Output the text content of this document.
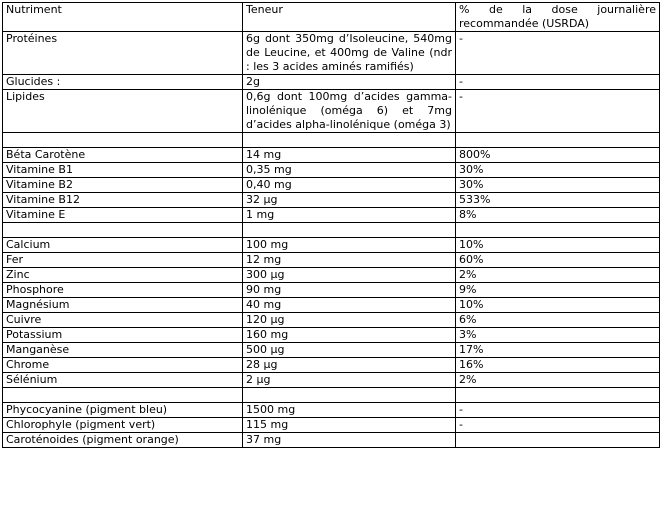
Nutriment	Teneur	% de la dose journalière recommandée (USRDA)
Protéines	6g dont 350mg d’Isoleucine, 540mg de Leucine, et 400mg de Valine (ndr : les 3 acides aminés ramifiés)	-
Glucides :	2g	-
Lipides	0,6g dont 100mg d’acides gamma-linolénique (oméga 6) et 7mg d’acides alpha-linolénique (oméga 3)	-

Béta Carotène	14 mg	800%
Vitamine B1	0,35 mg	30%
Vitamine B2	0,40 mg	30%
Vitamine B12	32 µg	533%
Vitamine E	1 mg	8%

Calcium	100 mg	10%
Fer	12 mg	60%
Zinc	300 µg	2%
Phosphore	90 mg	9%
Magnésium	40 mg	10%
Cuivre	120 µg	6%
Potassium	160 mg	3%
Manganèse	500 µg	17%
Chrome	28 µg	16%
Sélénium	2 µg	2%

Phycocyanine (pigment bleu)	1500 mg	-
Chlorophyle (pigment vert)	115 mg	-
Caroténoides (pigment orange)	37 mg	
